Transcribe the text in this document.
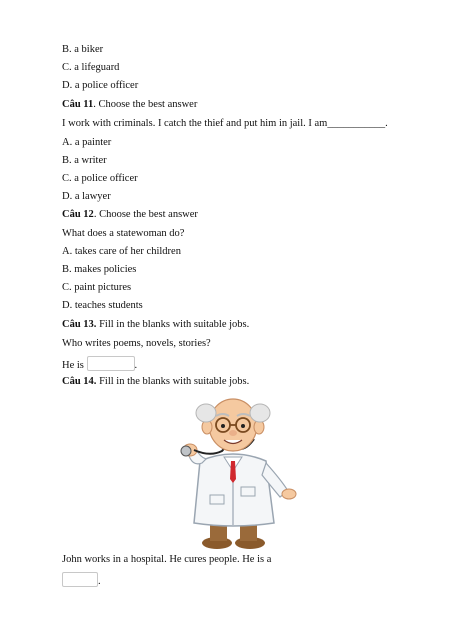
B. a biker
C. a lifeguard
D. a police officer
Câu 11. Choose the best answer
I work with criminals. I catch the thief and put him in jail. I am___________.
A. a painter
B. a writer
C. a police officer
D. a lawyer
Câu 12. Choose the best answer
What does a statewoman do?
A. takes care of her children
B. makes policies
C. paint pictures
D. teaches students
Câu 13. Fill in the blanks with suitable jobs.
Who writes poems, novels, stories?
He is	.
Câu 14. Fill in the blanks with suitable jobs.
John works in a hospital. He cures people. He is a
.
